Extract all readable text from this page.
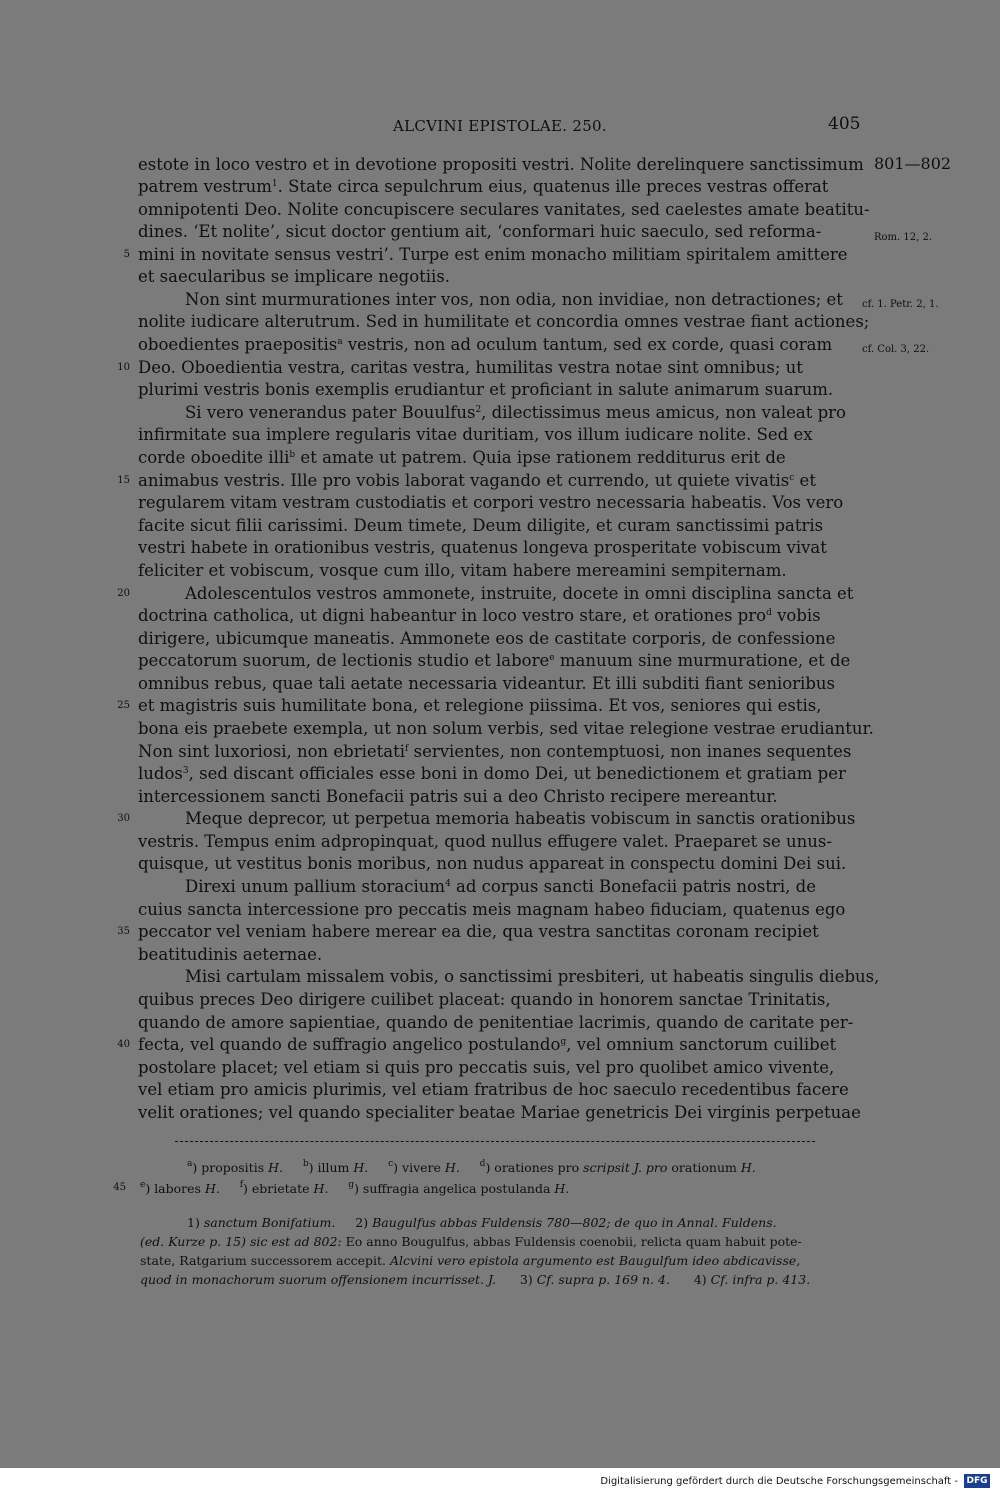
ALCVINI EPISTOLAE. 250.	405
801—802
Rom. 12, 2.
cf. 1. Petr. 2, 1.
cf. Col. 3, 22.
5
10
15
20
25
30
35
40
estote in loco vestro et in devotione propositi vestri. Nolite derelinquere sanctissimum
patrem vestrum$^1$. State circa sepulchrum eius, quatenus ille preces vestras offerat
omnipotenti Deo. Nolite concupiscere seculares vanitates, sed caelestes amate beatitu-
dines. ‘Et nolite’, sicut doctor gentium ait, ‘conformari huic saeculo, sed reforma-
mini in novitate sensus vestri’. Turpe est enim monacho militiam spiritalem amittere
et saecularibus se implicare negotiis.
Non sint murmurationes inter vos, non odia, non invidiae, non detractiones; et
nolite iudicare alterutrum. Sed in humilitate et concordia omnes vestrae fiant actiones;
oboedientes praepositis$^a$ vestris, non ad oculum tantum, sed ex corde, quasi coram
Deo. Oboedientia vestra, caritas vestra, humilitas vestra notae sint omnibus; ut
plurimi vestris bonis exemplis erudiantur et proficiant in salute animarum suarum.
Si vero venerandus pater Bouulfus$^2$, dilectissimus meus amicus, non valeat pro
infirmitate sua implere regularis vitae duritiam, vos illum iudicare nolite. Sed ex
corde oboedite illi$^b$ et amate ut patrem. Quia ipse rationem redditurus erit de
animabus vestris. Ille pro vobis laborat vagando et currendo, ut quiete vivatis$^c$ et
regularem vitam vestram custodiatis et corpori vestro necessaria habeatis. Vos vero
facite sicut filii carissimi. Deum timete, Deum diligite, et curam sanctissimi patris
vestri habete in orationibus vestris, quatenus longeva prosperitate vobiscum vivat
feliciter et vobiscum, vosque cum illo, vitam habere mereamini sempiternam.
Adolescentulos vestros ammonete, instruite, docete in omni disciplina sancta et
doctrina catholica, ut digni habeantur in loco vestro stare, et orationes pro$^d$ vobis
dirigere, ubicumque maneatis. Ammonete eos de castitate corporis, de confessione
peccatorum suorum, de lectionis studio et labore$^e$ manuum sine murmuratione, et de
omnibus rebus, quae tali aetate necessaria videantur. Et illi subditi fiant senioribus
et magistris suis humilitate bona, et relegione piissima. Et vos, seniores qui estis,
bona eis praebete exempla, ut non solum verbis, sed vitae relegione vestrae erudiantur.
Non sint luxoriosi, non ebrietati$^f$ servientes, non contemptuosi, non inanes sequentes
ludos$^3$, sed discant officiales esse boni in domo Dei, ut benedictionem et gratiam per
intercessionem sancti Bonefacii patris sui a deo Christo recipere mereantur.
Meque deprecor, ut perpetua memoria habeatis vobiscum in sanctis orationibus
vestris. Tempus enim adpropinquat, quod nullus effugere valet. Praeparet se unus-
quisque, ut vestitus bonis moribus, non nudus appareat in conspectu domini Dei sui.
Direxi unum pallium storacium$^4$ ad corpus sancti Bonefacii patris nostri, de
cuius sancta intercessione pro peccatis meis magnam habeo fiduciam, quatenus ego
peccator vel veniam habere merear ea die, qua vestra sanctitas coronam recipiet
beatitudinis aeternae.
Misi cartulam missalem vobis, o sanctissimi presbiteri, ut habeatis singulis diebus,
quibus preces Deo dirigere cuilibet placeat: quando in honorem sanctae Trinitatis,
quando de amore sapientiae, quando de penitentiae lacrimis, quando de caritate per-
fecta, vel quando de suffragio angelico postulando$^g$, vel omnium sanctorum cuilibet
postolare placet; vel etiam si quis pro peccatis suis, vel pro quolibet amico vivente,
vel etiam pro amicis plurimis, vel etiam fratribus de hoc saeculo recedentibus facere
velit orationes; vel quando specialiter beatae Mariae genetricis Dei virginis perpetuae
$^a$) propositis H. $^b$) illum H. $^c$) vivere H. $^d$) orationes pro scripsit J. pro orationum H.
45 $^e$) labores H. $^f$) ebrietate H. $^g$) suffragia angelica postulanda H.
1) sanctum Bonifatium. 2) Baugulfus abbas Fuldensis 780—802; de quo in Annal. Fuldens.
(ed. Kurze p. 15) sic est ad 802: Eo anno Bougulfus, abbas Fuldensis coenobii, relicta quam habuit pote-
state, Ratgarium successorem accepit. Alcvini vero epistola argumento est Baugulfum ideo abdicavisse,
quod in monachorum suorum offensionem incurrisset. J. 3) Cf. supra p. 169 n. 4. 4) Cf. infra p. 413.
Digitalisierung gefördert durch die Deutsche Forschungsgemeinschaft - DFG
